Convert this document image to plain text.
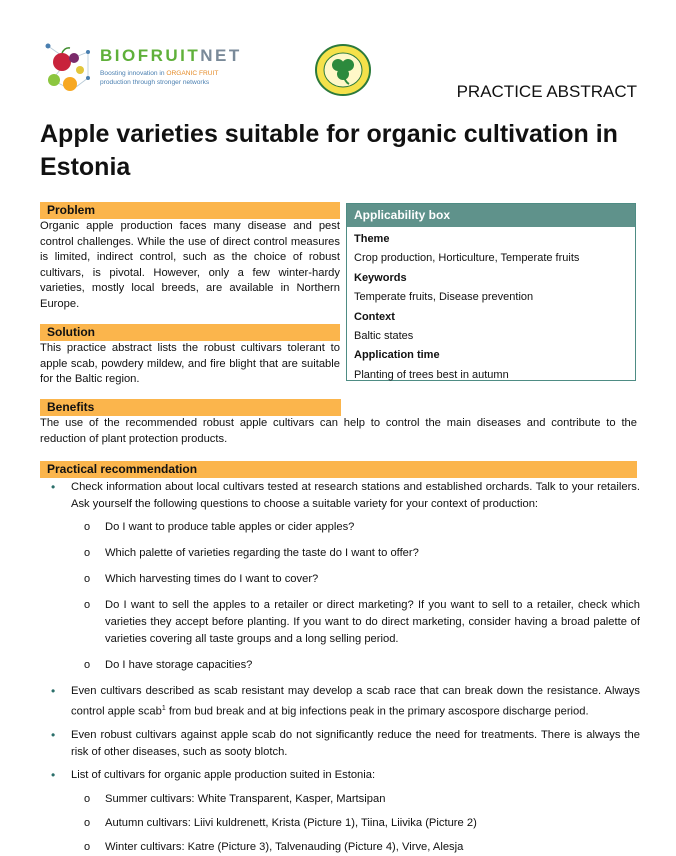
BIOFRUITNET
Boosting innovation in ORGANIC FRUIT
production through stronger networks	PRACTICE ABSTRACT
Apple varieties suitable for organic cultivation in Estonia
Problem
Organic apple production faces many disease and pest control challenges. While the use of direct control measures is limited, indirect control, such as the choice of robust cultivars, is pivotal. However, only a few winter-hardy varieties, mostly local breeds, are available in Northern Europe.
Solution
This practice abstract lists the robust cultivars tolerant to apple scab, powdery mildew, and fire blight that are suitable for the Baltic region.
Applicability box
Theme
Crop production, Horticulture, Temperate fruits
Keywords
Temperate fruits, Disease prevention
Context
Baltic states
Application time
Planting of trees best in autumn
Benefits
The use of the recommended robust apple cultivars can help to control the main diseases and contribute to the reduction of plant protection products.
Practical recommendation
• Check information about local cultivars tested at research stations and established orchards. Talk to your retailers. Ask yourself the following questions to choose a suitable variety for your context of production:
o Do I want to produce table apples or cider apples?
o Which palette of varieties regarding the taste do I want to offer?
o Which harvesting times do I want to cover?
o Do I want to sell the apples to a retailer or direct marketing? If you want to sell to a retailer, check which varieties they accept before planting. If you want to do direct marketing, consider having a broad palette of varieties covering all taste groups and a long selling period.
o Do I have storage capacities?
• Even cultivars described as scab resistant may develop a scab race that can break down the resistance. Always control apple scab$^1$ from bud break and at big infections peak in the primary ascospore discharge period.
• Even robust cultivars against apple scab do not significantly reduce the need for treatments. There is always the risk of other diseases, such as sooty blotch.
• List of cultivars for organic apple production suited in Estonia:
o Summer cultivars: White Transparent, Kasper, Martsipan
o Autumn cultivars: Liivi kuldrenett, Krista (Picture 1), Tiina, Liivika (Picture 2)
o Winter cultivars: Katre (Picture 3), Talvenauding (Picture 4), Virve, Alesja
